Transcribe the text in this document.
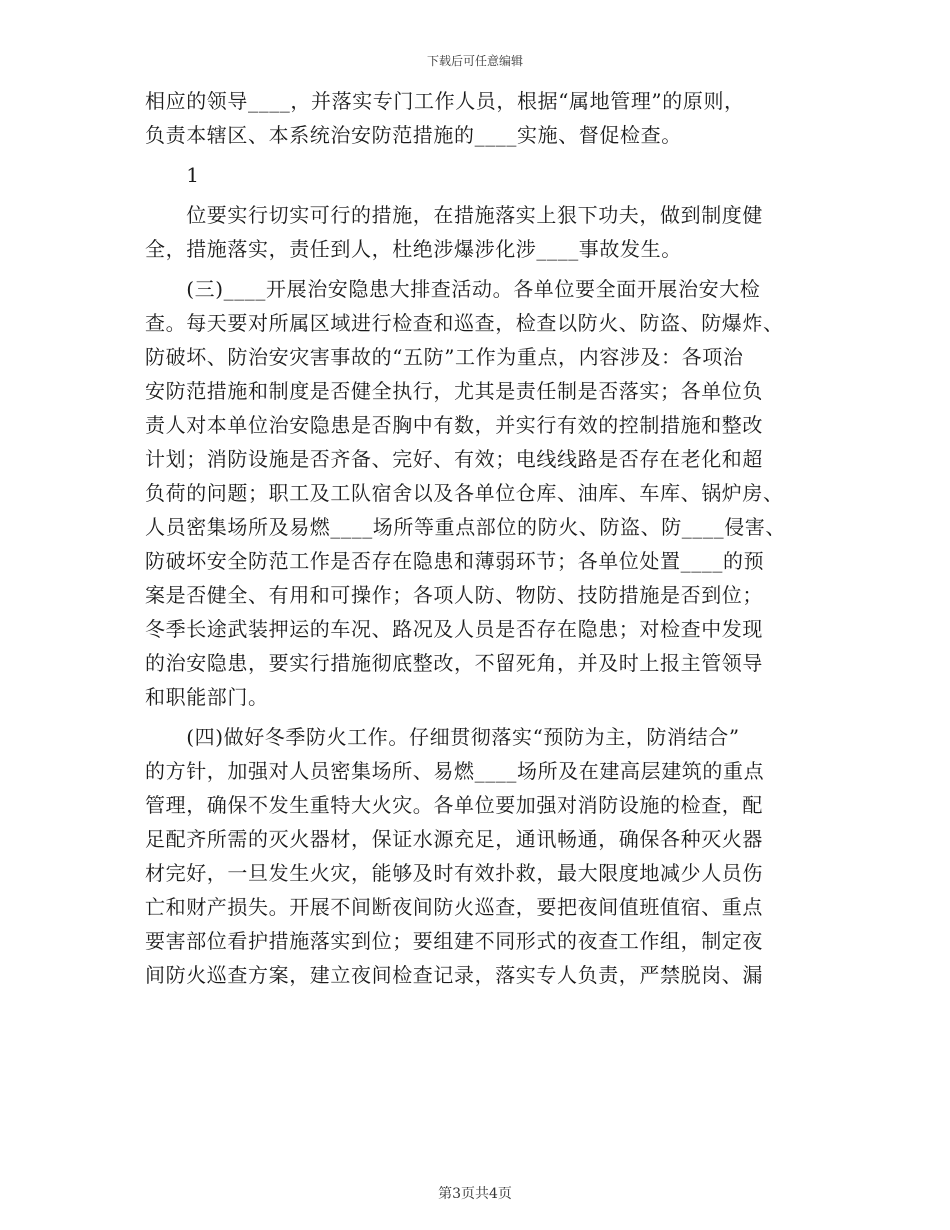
下载后可任意编辑
相应的领导____，并落实专门工作人员，根据“属地管理”的原则，
负责本辖区、本系统治安防范措施的____实施、督促检查。
　　1
　　位要实行切实可行的措施，在措施落实上狠下功夫，做到制度健
全，措施落实，责任到人，杜绝涉爆涉化涉____事故发生。
　　(三)____开展治安隐患大排查活动。各单位要全面开展治安大检
查。每天要对所属区域进行检查和巡查，检查以防火、防盗、防爆炸、
防破坏、防治安灾害事故的“五防”工作为重点，内容涉及：各项治
安防范措施和制度是否健全执行，尤其是责任制是否落实；各单位负
责人对本单位治安隐患是否胸中有数，并实行有效的控制措施和整改
计划；消防设施是否齐备、完好、有效；电线线路是否存在老化和超
负荷的问题；职工及工队宿舍以及各单位仓库、油库、车库、锅炉房、
人员密集场所及易燃____场所等重点部位的防火、防盗、防____侵害、
防破坏安全防范工作是否存在隐患和薄弱环节；各单位处置____的预
案是否健全、有用和可操作；各项人防、物防、技防措施是否到位；
冬季长途武装押运的车况、路况及人员是否存在隐患；对检查中发现
的治安隐患，要实行措施彻底整改，不留死角，并及时上报主管领导
和职能部门。
　　(四)做好冬季防火工作。仔细贯彻落实“预防为主，防消结合”
的方针，加强对人员密集场所、易燃____场所及在建高层建筑的重点
管理，确保不发生重特大火灾。各单位要加强对消防设施的检查，配
足配齐所需的灭火器材，保证水源充足，通讯畅通，确保各种灭火器
材完好，一旦发生火灾，能够及时有效扑救，最大限度地减少人员伤
亡和财产损失。开展不间断夜间防火巡查，要把夜间值班值宿、重点
要害部位看护措施落实到位；要组建不同形式的夜查工作组，制定夜
间防火巡查方案，建立夜间检查记录，落实专人负责，严禁脱岗、漏
第3页共4页
